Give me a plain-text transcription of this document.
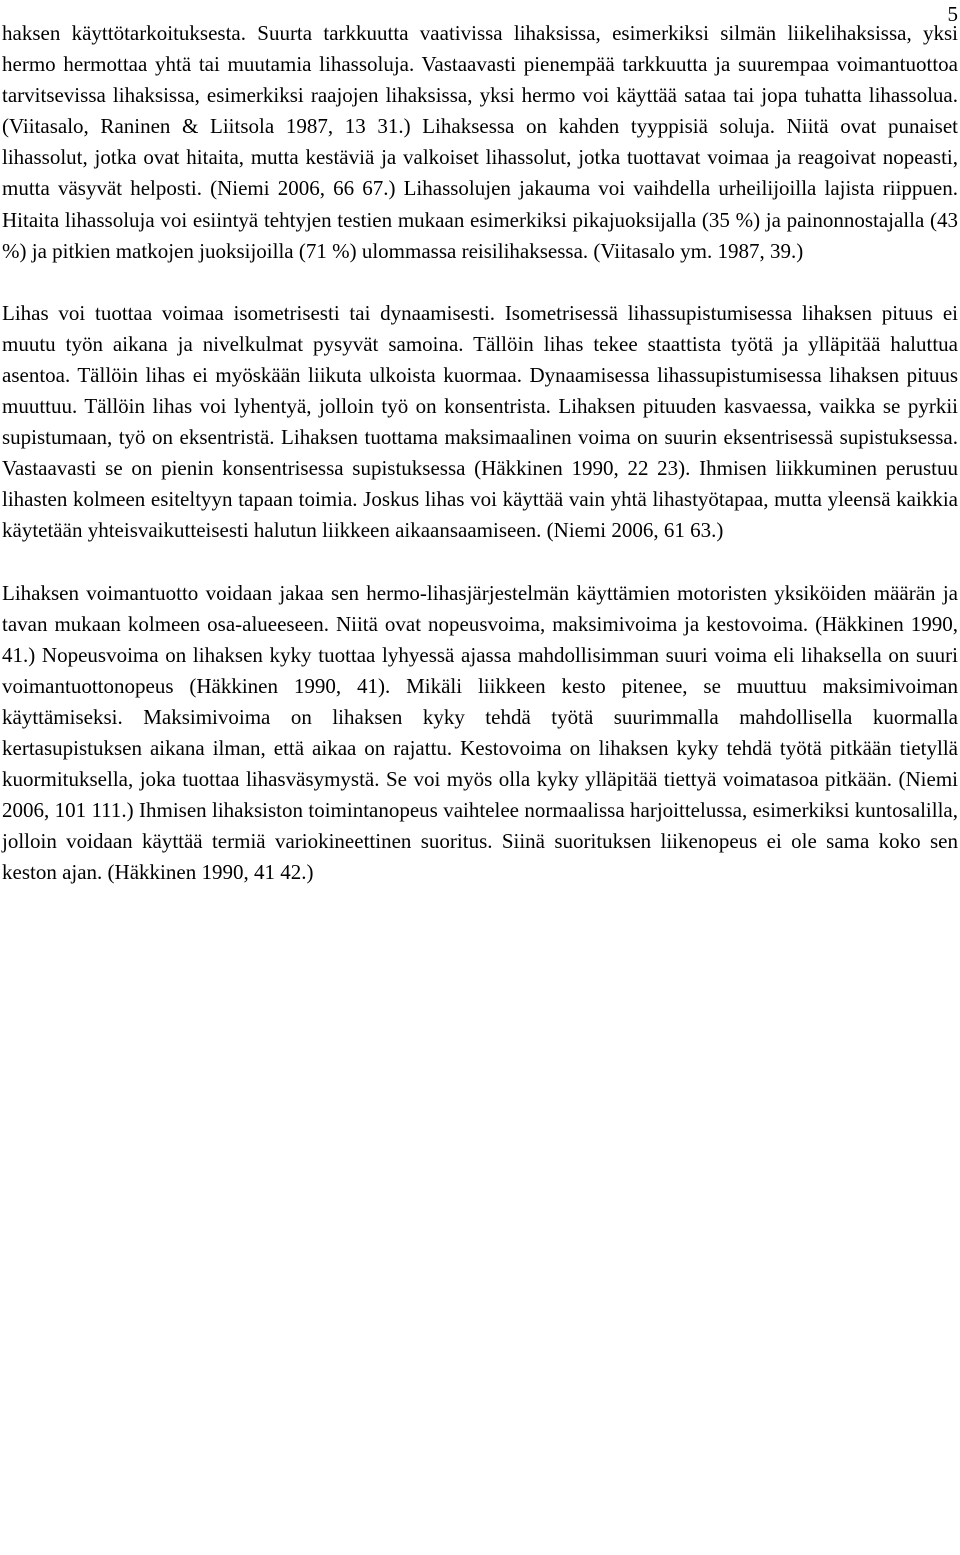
5

haksen käyttötarkoituksesta. Suurta tarkkuutta vaativissa lihaksissa, esimerkiksi silmän liikelihaksissa, yksi hermo hermottaa yhtä tai muutamia lihassoluja. Vastaavasti pienempää tarkkuutta ja suurempaa voimantuottoa tarvitsevissa lihaksissa, esimerkiksi raajojen lihaksissa, yksi hermo voi käyttää sataa tai jopa tuhatta lihassolua. (Viitasalo, Raninen & Liitsola 1987, 13 31.) Lihaksessa on kahden tyyppisiä soluja. Niitä ovat punaiset lihassolut, jotka ovat hitaita, mutta kestäviä ja valkoiset lihassolut, jotka tuottavat voimaa ja reagoivat nopeasti, mutta väsyvät helposti. (Niemi 2006, 66 67.) Lihassolujen jakauma voi vaihdella urheilijoilla lajista riippuen. Hitaita lihassoluja voi esiintyä tehtyjen testien mukaan esimerkiksi pikajuoksijalla (35 %) ja painonnostajalla (43 %) ja pitkien matkojen juoksijoilla (71 %) ulommassa reisilihaksessa. (Viitasalo ym. 1987, 39.)

Lihas voi tuottaa voimaa isometrisesti tai dynaamisesti. Isometrisessä lihassupistumisessa lihaksen pituus ei muutu työn aikana ja nivelkulmat pysyvät samoina. Tällöin lihas tekee staattista työtä ja ylläpitää haluttua asentoa. Tällöin lihas ei myöskään liikuta ulkoista kuormaa. Dynaamisessa lihassupistumisessa lihaksen pituus muuttuu. Tällöin lihas voi lyhentyä, jolloin työ on konsentrista. Lihaksen pituuden kasvaessa, vaikka se pyrkii supistumaan, työ on eksentristä. Lihaksen tuottama maksimaalinen voima on suurin eksentrisessä supistuksessa. Vastaavasti se on pienin konsentrisessa supistuksessa (Häkkinen 1990, 22 23). Ihmisen liikkuminen perustuu lihasten kolmeen esiteltyyn tapaan toimia. Joskus lihas voi käyttää vain yhtä lihastyötapaa, mutta yleensä kaikkia käytetään yhteisvaikutteisesti halutun liikkeen aikaansaamiseen. (Niemi 2006, 61 63.)

Lihaksen voimantuotto voidaan jakaa sen hermo-lihasjärjestelmän käyttämien motoristen yksiköiden määrän ja tavan mukaan kolmeen osa-alueeseen. Niitä ovat nopeusvoima, maksimivoima ja kestovoima. (Häkkinen 1990, 41.) Nopeusvoima on lihaksen kyky tuottaa lyhyessä ajassa mahdollisimman suuri voima eli lihaksella on suuri voimantuottonopeus (Häkkinen 1990, 41). Mikäli liikkeen kesto pitenee, se muuttuu maksimivoiman käyttämiseksi. Maksimivoima on lihaksen kyky tehdä työtä suurimmalla mahdollisella kuormalla kertasupistuksen aikana ilman, että aikaa on rajattu. Kestovoima on lihaksen kyky tehdä työtä pitkään tietyllä kuormituksella, joka tuottaa lihasväsymystä. Se voi myös olla kyky ylläpitää tiettyä voimatasoa pitkään. (Niemi 2006, 101 111.) Ihmisen lihaksiston toimintanopeus vaihtelee normaalissa harjoittelussa, esimerkiksi kuntosalilla, jolloin voidaan käyttää termiä variokineettinen suoritus. Siinä suorituksen liikenopeus ei ole sama koko sen keston ajan. (Häkkinen 1990, 41 42.)
